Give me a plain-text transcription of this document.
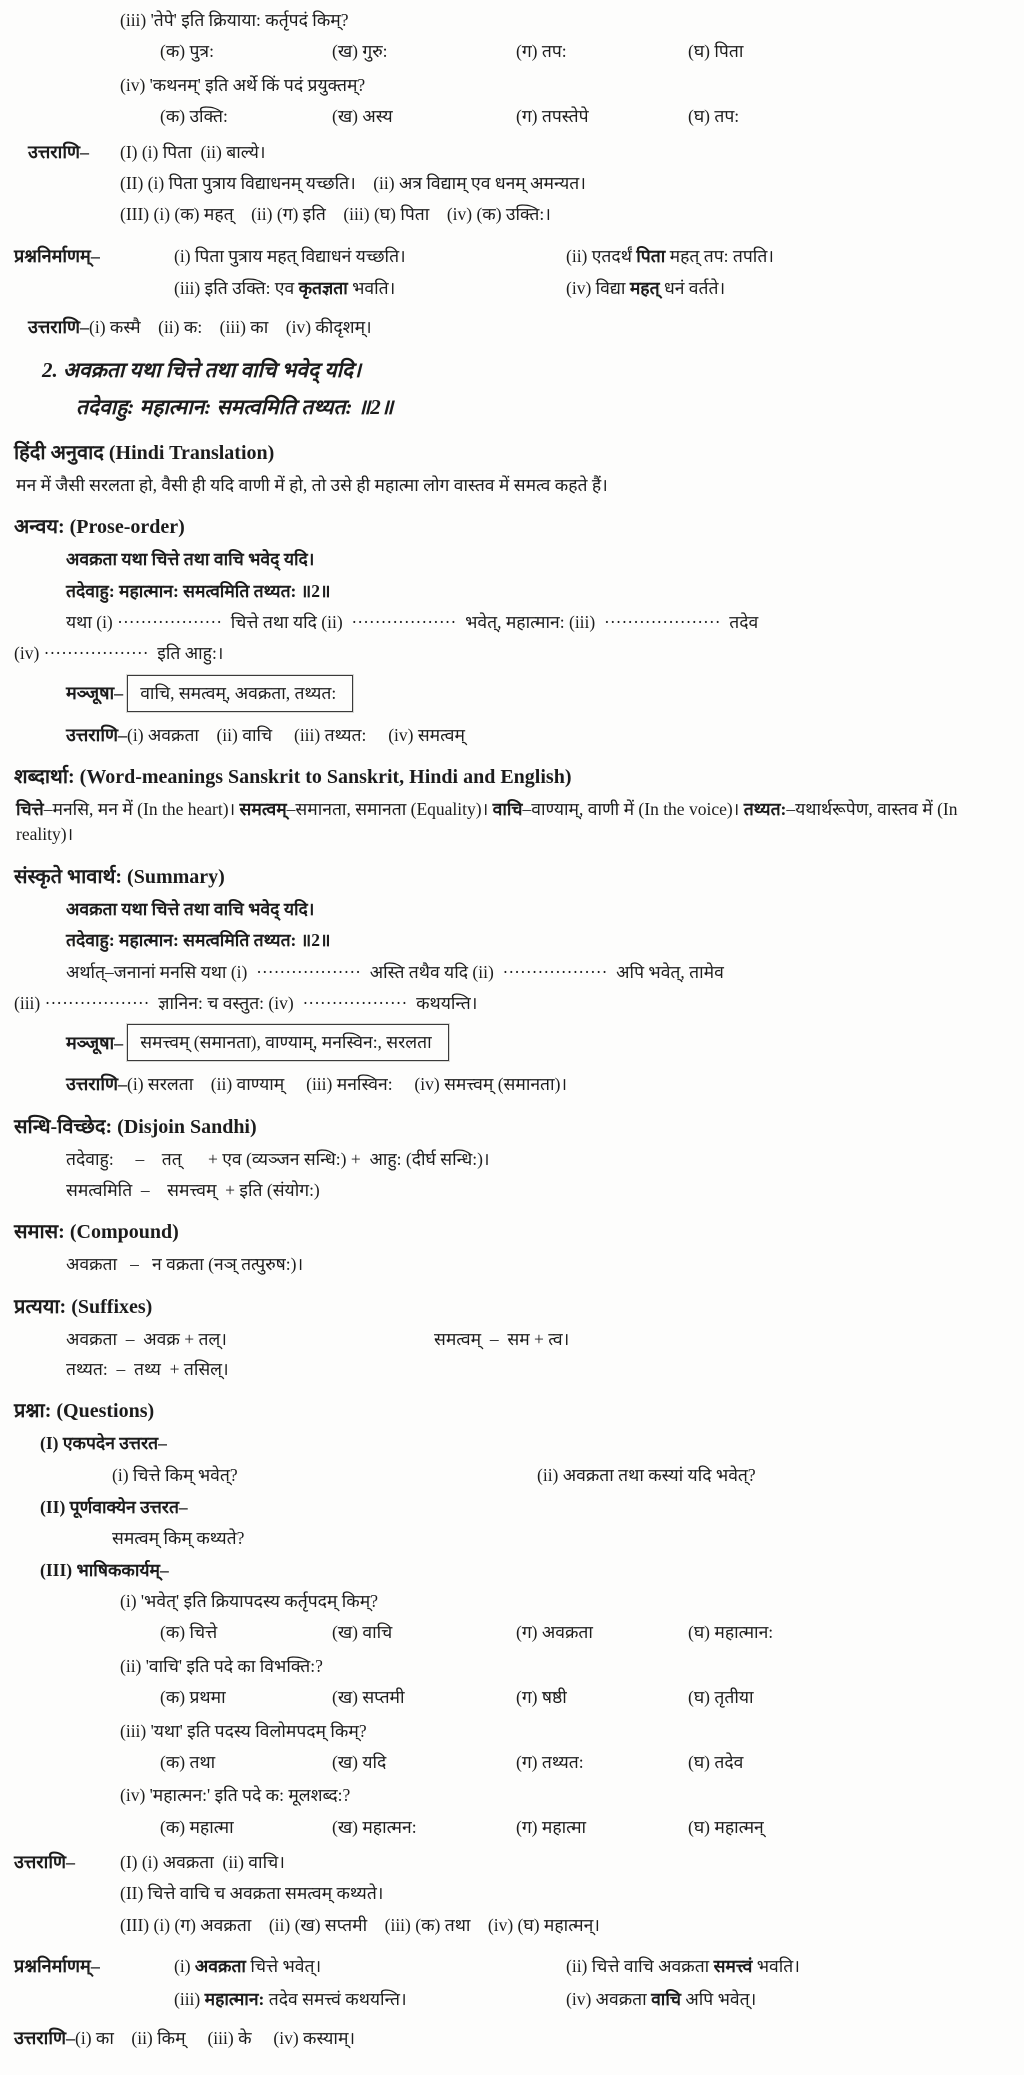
(iii) 'तेपे' इति क्रियाया: कर्तृपदं किम्?
(क) पुत्र:	(ख) गुरु:	(ग) तप:	(घ) पिता
(iv) 'कथनम्' इति अर्थे किं पदं प्रयुक्तम्?
(क) उक्ति:	(ख) अस्य	(ग) तपस्तेपे	(घ) तप:
उत्तराणि–	(I) (i) पिता  (ii) बाल्ये।
(II) (i) पिता पुत्राय विद्याधनम् यच्छति।    (ii) अत्र विद्याम् एव धनम् अमन्यत।
(III) (i) (क) महत्    (ii) (ग) इति    (iii) (घ) पिता    (iv) (क) उक्ति:।
प्रश्ननिर्माणम्–	(i) पिता पुत्राय महत् विद्याधनं यच्छति।	(ii) एतदर्थं पिता महत् तप: तपति।
(iii) इति उक्ति: एव कृतज्ञता भवति।	(iv) विद्या महत् धनं वर्तते।
उत्तराणि–(i) कस्मै    (ii) क:    (iii) का    (iv) कीदृशम्।
2. अवक्रता यथा चित्ते तथा वाचि भवेद् यदि।
तदेवाहु: महात्मान: समत्वमिति तथ्यत: ॥2॥
हिंदी अनुवाद (Hindi Translation)
मन में जैसी सरलता हो, वैसी ही यदि वाणी में हो, तो उसे ही महात्मा लोग वास्तव में समत्व कहते हैं।
अन्वय: (Prose-order)
अवक्रता यथा चित्ते तथा वाचि भवेद् यदि।
तदेवाहु: महात्मान: समत्वमिति तथ्यत: ॥2॥
यथा (i) ··················  चित्ते तथा यदि (ii)  ··················  भवेत्, महात्मान: (iii)  ····················  तदेव
(iv) ··················  इति आहु:।
मञ्जूषा– वाचि, समत्वम्, अवक्रता, तथ्यत:
उत्तराणि–(i) अवक्रता    (ii) वाचि     (iii) तथ्यत:     (iv) समत्वम्
शब्दार्था: (Word-meanings Sanskrit to Sanskrit, Hindi and English)
चित्ते–मनसि, मन में (In the heart)। समत्वम्–समानता, समानता (Equality)। वाचि–वाण्याम्, वाणी में (In the voice)। तथ्यत:–यथार्थरूपेण, वास्तव में (In reality)।
संस्कृते भावार्थ: (Summary)
अवक्रता यथा चित्ते तथा वाचि भवेद् यदि।
तदेवाहु: महात्मान: समत्वमिति तथ्यत: ॥2॥
अर्थात्–जनानां मनसि यथा (i)  ··················  अस्ति तथैव यदि (ii)  ··················  अपि भवेत्, तामेव
(iii) ··················  ज्ञानिन: च वस्तुत: (iv)  ··················  कथयन्ति।
मञ्जूषा– समत्त्वम् (समानता), वाण्याम्, मनस्विन:, सरलता
उत्तराणि–(i) सरलता    (ii) वाण्याम्     (iii) मनस्विन:     (iv) समत्त्वम् (समानता)।
सन्धि-विच्छेद: (Disjoin Sandhi)
तदेवाहु:     –    तत्      + एव (व्यञ्जन सन्धि:) +  आहु: (दीर्घ सन्धि:)।
समत्वमिति  –    समत्त्वम्  + इति (संयोग:)
समास: (Compound)
अवक्रता   –   न वक्रता (नञ् तत्पुरुष:)।
प्रत्यया: (Suffixes)
अवक्रता  –  अवक्र + तल्।	समत्वम्  –  सम + त्व।
तथ्यत:  –  तथ्य  + तसिल्।
प्रश्ना: (Questions)
(I) एकपदेन उत्तरत–
(i) चित्ते किम् भवेत्?	(ii) अवक्रता तथा कस्यां यदि भवेत्?
(II) पूर्णवाक्येन उत्तरत–
समत्वम् किम् कथ्यते?
(III) भाषिककार्यम्–
(i) 'भवेत्' इति क्रियापदस्य कर्तृपदम् किम्?
(क) चित्ते	(ख) वाचि	(ग) अवक्रता	(घ) महात्मान:
(ii) 'वाचि' इति पदे का विभक्ति:?
(क) प्रथमा	(ख) सप्तमी	(ग) षष्ठी	(घ) तृतीया
(iii) 'यथा' इति पदस्य विलोमपदम् किम्?
(क) तथा	(ख) यदि	(ग) तथ्यत:	(घ) तदेव
(iv) 'महात्मन:' इति पदे क: मूलशब्द:?
(क) महात्मा	(ख) महात्मन:	(ग) महात्मा	(घ) महात्मन्
उत्तराणि–	(I) (i) अवक्रता  (ii) वाचि।
(II) चित्ते वाचि च अवक्रता समत्वम् कथ्यते।
(III) (i) (ग) अवक्रता    (ii) (ख) सप्तमी    (iii) (क) तथा    (iv) (घ) महात्मन्।
प्रश्ननिर्माणम्–	(i) अवक्रता चित्ते भवेत्।	(ii) चित्ते वाचि अवक्रता समत्त्वं भवति।
(iii) महात्मान: तदेव समत्त्वं कथयन्ति।	(iv) अवक्रता वाचि अपि भवेत्।
उत्तराणि–(i) का    (ii) किम्     (iii) के     (iv) कस्याम्।
